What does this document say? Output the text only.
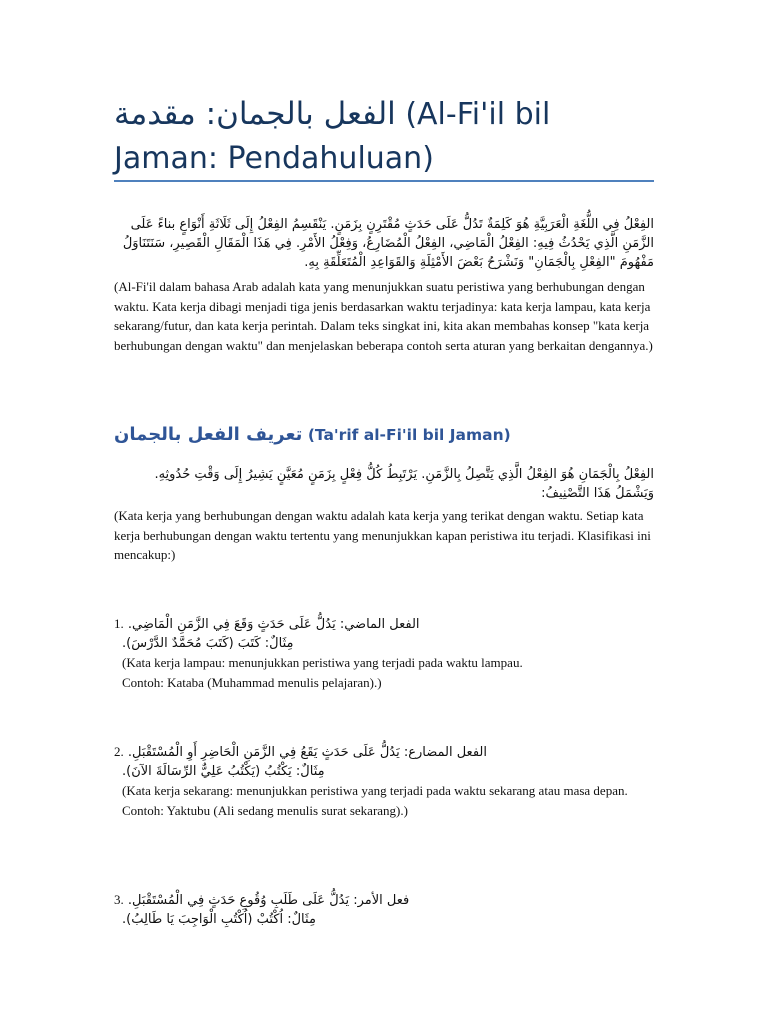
الفعل بالجمان: مقدمة (Al-Fi'il bil Jaman: Pendahuluan)

الفِعْلُ فِي اللُّغَةِ الْعَرَبِيَّةِ هُوَ كَلِمَةٌ تَدُلُّ عَلَى حَدَثٍ مُقْتَرِنٍ بِزَمَنٍ. يَنْقَسِمُ الفِعْلُ إِلَى ثَلَاثَةِ أَنْوَاعٍ بناءً عَلَى الزَّمَنِ الَّذِي يَحْدُثُ فِيهِ: الفِعْلُ الْمَاضِي، الفِعْلُ الْمُضَارِعُ، وَفِعْلُ الأَمْرِ. فِي هَذَا الْمَقَالِ الْقَصِيرِ، سَنَتَنَاوَلُ مَفْهُومَ "الفِعْلِ بِالْجَمَانِ" وَنَشْرَحُ بَعْضَ الأَمْثِلَةِ وَالقَوَاعِدِ الْمُتَعَلِّقَةِ بِهِ.

(Al-Fi'il dalam bahasa Arab adalah kata yang menunjukkan suatu peristiwa yang berhubungan dengan waktu. Kata kerja dibagi menjadi tiga jenis berdasarkan waktu terjadinya: kata kerja lampau, kata kerja sekarang/futur, dan kata kerja perintah. Dalam teks singkat ini, kita akan membahas konsep "kata kerja berhubungan dengan waktu" dan menjelaskan beberapa contoh serta aturan yang berkaitan dengannya.)

تعريف الفعل بالجمان (Ta'rif al-Fi'il bil Jaman)

الفِعْلُ بِالْجَمَانِ هُوَ الفِعْلُ الَّذِي يَتَّصِلُ بِالزَّمَنِ. يَرْتَبِطُ كُلُّ فِعْلٍ بِزَمَنٍ مُعَيَّنٍ يَشِيرُ إِلَى وَقْتِ حُدُوثِهِ. وَيَشْمَلُ هَذَا التَّصْنِيفُ:

(Kata kerja yang berhubungan dengan waktu adalah kata kerja yang terikat dengan waktu. Setiap kata kerja berhubungan dengan waktu tertentu yang menunjukkan kapan peristiwa itu terjadi. Klasifikasi ini mencakup:)

1. الفعل الماضي: يَدُلُّ عَلَى حَدَثٍ وَقَعَ فِي الزَّمَنِ الْمَاضِي.
مِثَالٌ: كَتَبَ (كَتَبَ مُحَمَّدٌ الدَّرْسَ).
(Kata kerja lampau: menunjukkan peristiwa yang terjadi pada waktu lampau.
Contoh: Kataba (Muhammad menulis pelajaran).)
2. الفعل المضارع: يَدُلُّ عَلَى حَدَثٍ يَقَعُ فِي الزَّمَنِ الْحَاضِرِ أَوِ الْمُسْتَقْبَلِ.
مِثَالٌ: يَكْتُبُ (يَكْتُبُ عَلِيٌّ الرِّسَالَةَ الآنَ).
(Kata kerja sekarang: menunjukkan peristiwa yang terjadi pada waktu sekarang atau masa depan.
Contoh: Yaktubu (Ali sedang menulis surat sekarang).)
3. فعل الأمر: يَدُلُّ عَلَى طَلَبِ وُقُوعِ حَدَثٍ فِي الْمُسْتَقْبَلِ.
مِثَالٌ: اُكْتُبْ (اُكْتُبِ الْوَاجِبَ يَا طَالِبُ).
